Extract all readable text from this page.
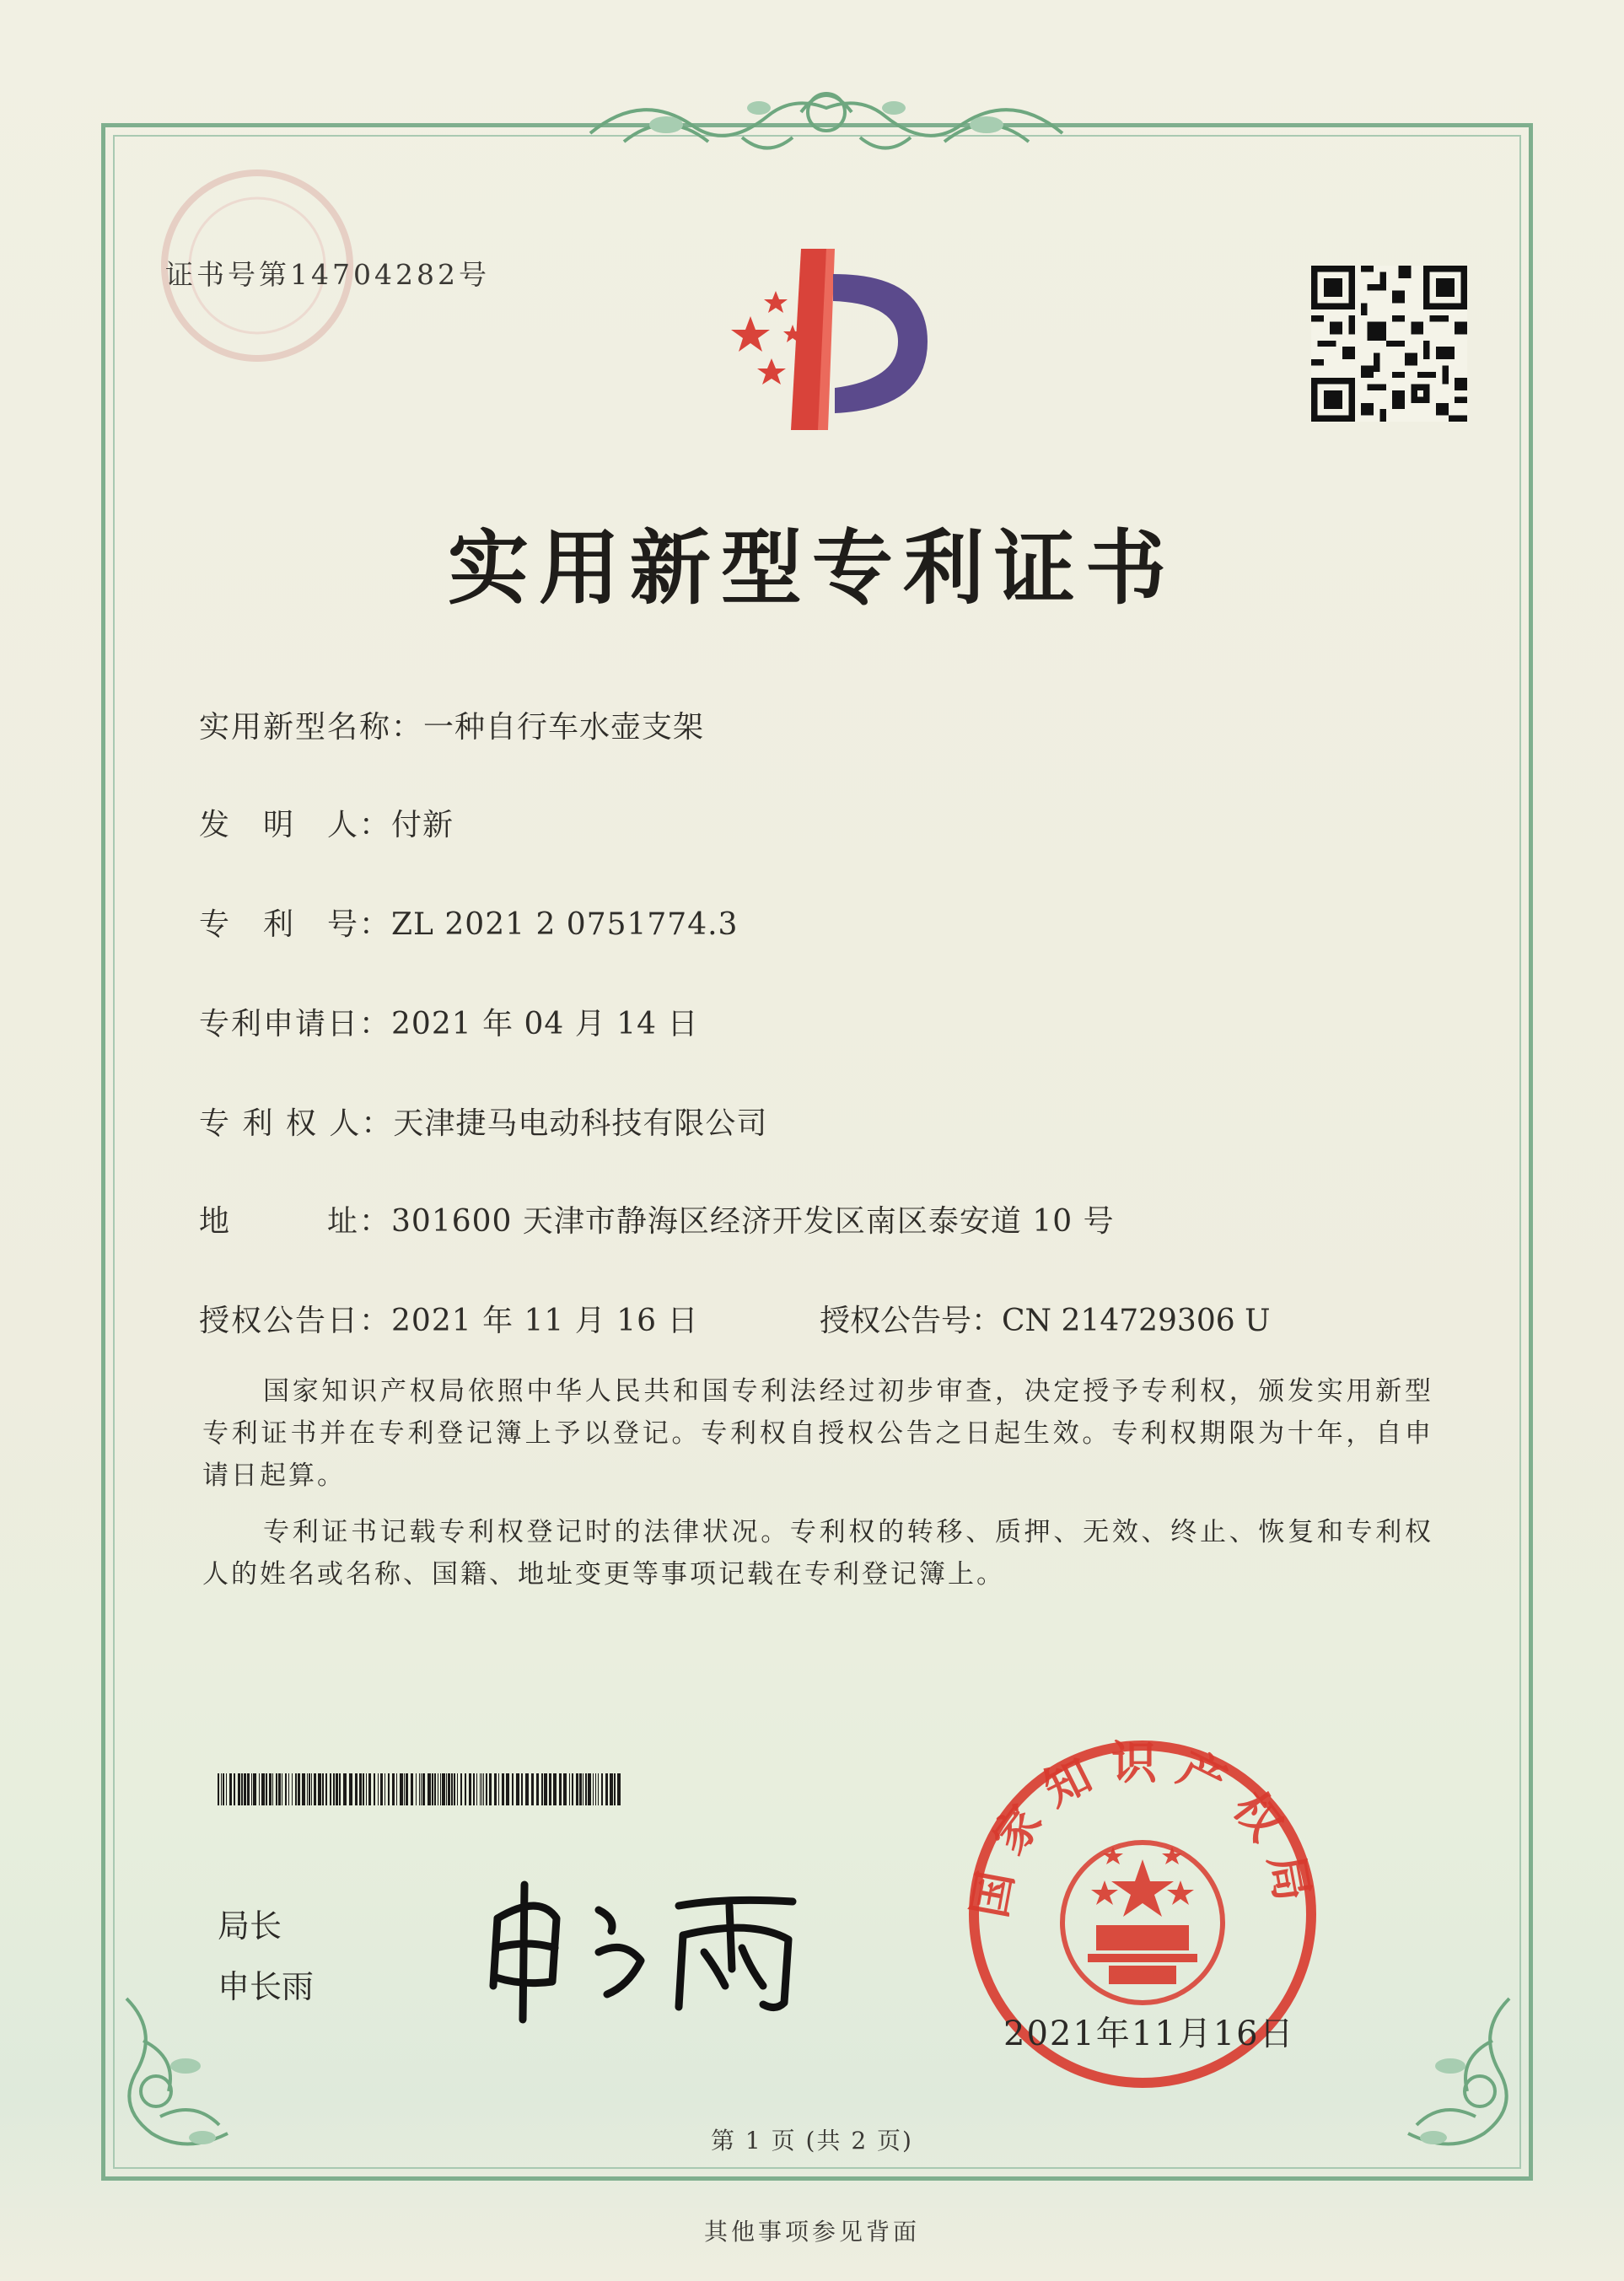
证书号第14704282号
实用新型专利证书
实用新型名称：一种自行车水壶支架
发　明　人：付新
专　利　号：ZL 2021 2 0751774.3
专利申请日：2021 年 04 月 14 日
专 利 权 人：天津捷马电动科技有限公司
地　　　址：301600 天津市静海区经济开发区南区泰安道 10 号
授权公告日：2021 年 11 月 16 日	授权公告号：CN 214729306 U
国家知识产权局依照中华人民共和国专利法经过初步审查，决定授予专利权，颁发实用新型专利证书并在专利登记簿上予以登记。专利权自授权公告之日起生效。专利权期限为十年，自申请日起算。
专利证书记载专利权登记时的法律状况。专利权的转移、质押、无效、终止、恢复和专利权人的姓名或名称、国籍、地址变更等事项记载在专利登记簿上。
局长
申长雨
国家知识产权局
2021年11月16日
第 1 页 (共 2 页)
其他事项参见背面
